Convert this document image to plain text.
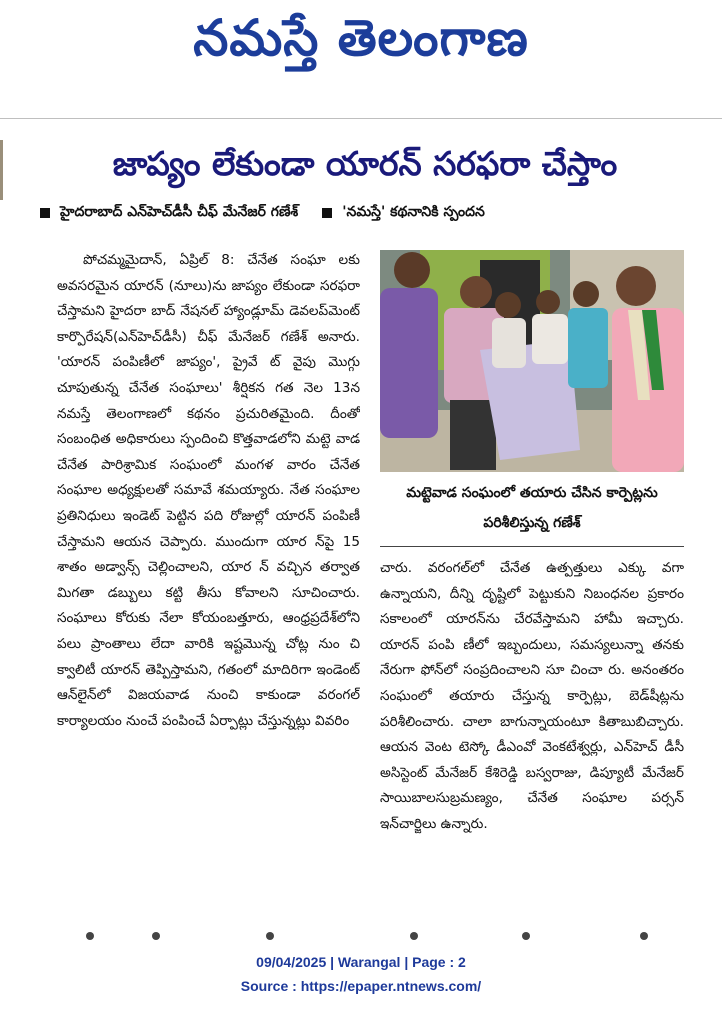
నమస్తే తెలంగాణ
జాప్యం లేకుండా యారన్ సరఫరా చేస్తాం
హైదరాబాద్ ఎన్‌హెచ్‌డీసీ చీఫ్ మేనేజర్ గణేశ్	'నమస్తే' కథనానికి స్పందన

పోచమ్మమైదాన్, ఏప్రిల్ 8: చేనేత సంఘా లకు అవసరమైన యారన్ (నూలు)ను జాప్యం లేకుండా సరఫరా చేస్తామని హైదరా బాద్ నేషనల్ హ్యాండ్లూమ్ డెవలప్‌మెంట్ కార్పొరేషన్(ఎన్‌హెచ్‌డీసీ) చీఫ్ మేనేజర్ గణేశ్ అనారు. 'యారన్ పంపిణీలో జాప్యం', ప్రైవే ట్ వైపు మొగ్గు చూపుతున్న చేనేత సంఘాలు' శీర్షికన గత నెల 13న నమస్తే తెలంగాణలో కథనం ప్రచురితమైంది. దీంతో సంబంధిత అధికారులు స్పందించి కొత్తవాడలోని మట్టె వాడ చేనేత పారిశ్రామిక సంఘంలో మంగళ వారం చేనేత సంఘాల అధ్యక్షులతో సమావే శమయ్యారు. నేత సంఘాల ప్రతినిధులు ఇండెట్ పెట్టిన పది రోజుల్లో యారన్ పంపిణీ చేస్తామని ఆయన చెప్పారు. ముందుగా యార న్‌పై 15 శాతం అడ్వాన్స్ చెల్లించాలని, యార న్ వచ్చిన తర్వాత మిగతా డబ్బులు కట్టి తీసు కోవాలని సూచించారు. సంఘాలు కోరుకు నేలా కోయంబత్తూరు, ఆంధ్రప్రదేశ్‌లోని పలు ప్రాంతాలు లేదా వారికి ఇష్టమొన్న చోట్ల నుం చి క్వాలిటీ యారన్ తెప్పిస్తామని, గతంలో మాదిరిగా ఇండెంట్ ఆన్‌లైన్‌లో విజయవాడ నుంచి కాకుండా వరంగల్ కార్యాలయం నుంచే పంపించే ఏర్పాట్లు చేస్తున్నట్లు వివరిం

మట్టెవాడ సంఘంలో తయారు చేసిన కార్పెట్లను పరిశీలిస్తున్న గణేశ్

చారు. వరంగల్‌లో చేనేత ఉత్పత్తులు ఎక్కు వగా ఉన్నాయని, దీన్ని దృష్టిలో పెట్టుకుని నిబంధనల ప్రకారం సకాలంలో యారన్‌ను చేరవేస్తామని హామీ ఇచ్చారు. యారన్ పంపి ణీలో ఇబ్బందులు, సమస్యలున్నా తనకు నేరుగా ఫోన్‌లో సంప్రదించాలని సూ చించా రు. అనంతరం సంఘంలో తయారు చేస్తున్న కార్పెట్లు, బెడ్‌షీట్లను పరిశీలించారు. చాలా బాగున్నాయంటూ కితాబుబిచ్చారు. ఆయన వెంట టెస్కో డీఎంవో వెంకటేశ్వర్లు, ఎన్‌హెచ్ డీసీ అసిస్టెంట్ మేనేజర్ కేశిరెడ్డి బస్వరాజు, డిప్యూటీ మేనేజర్ సాయిబాలసుబ్రమణ్యం, చేనేత సంఘాల పర్సన్ ఇన్‌చార్జిలు ఉన్నారు.

09/04/2025 | Warangal | Page : 2
Source : https://epaper.ntnews.com/
